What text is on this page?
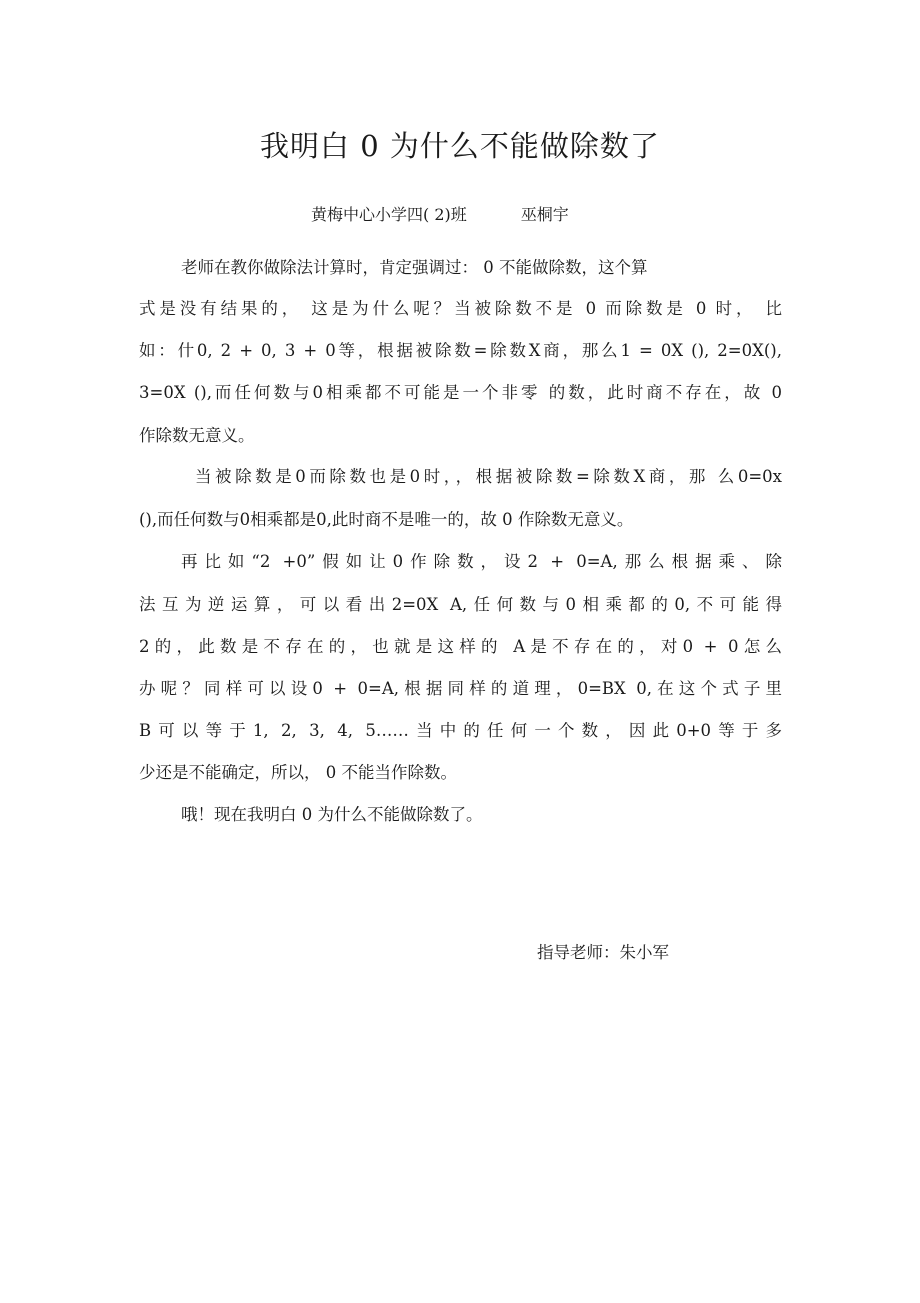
我明白 0 为什么不能做除数了
黄梅中心小学四( 2)班	巫桐宇
老师在教你做除法计算时，肯定强调过： 0 不能做除数，这个算
式是没有结果的， 这是为什么呢？当被除数不是 0 而除数是 0 时， 比
如：什0, 2 + 0, 3 + 0等，根据被除数=除数X商，那么1 = 0X (), 2=0X(),
3=0X (),而任何数与0相乘都不可能是一个非零 的数，此时商不存在，故 0
作除数无意义。
当被除数是0而除数也是0时，，根据被除数=除数X商，那 么0=0x
(),而任何数与0相乘都是0,此时商不是唯一的，故 0 作除数无意义。
再比如“2 +0”假如让0作除数，设2 + 0=A,那么根据乘、除
法互为逆运算，可以看出2=0X A,任何数与0相乘都的0,不可能得
2的，此数是不存在的，也就是这样的 A是不存在的，对0 + 0怎么
办呢？同样可以设0 + 0=A,根据同样的道理，0=BX 0,在这个式子里
B可以等于1, 2, 3, 4, 5……当中的任何一个数，因此0+0等于多
少还是不能确定，所以， 0 不能当作除数。
哦！现在我明白 0 为什么不能做除数了。
指导老师：朱小军
